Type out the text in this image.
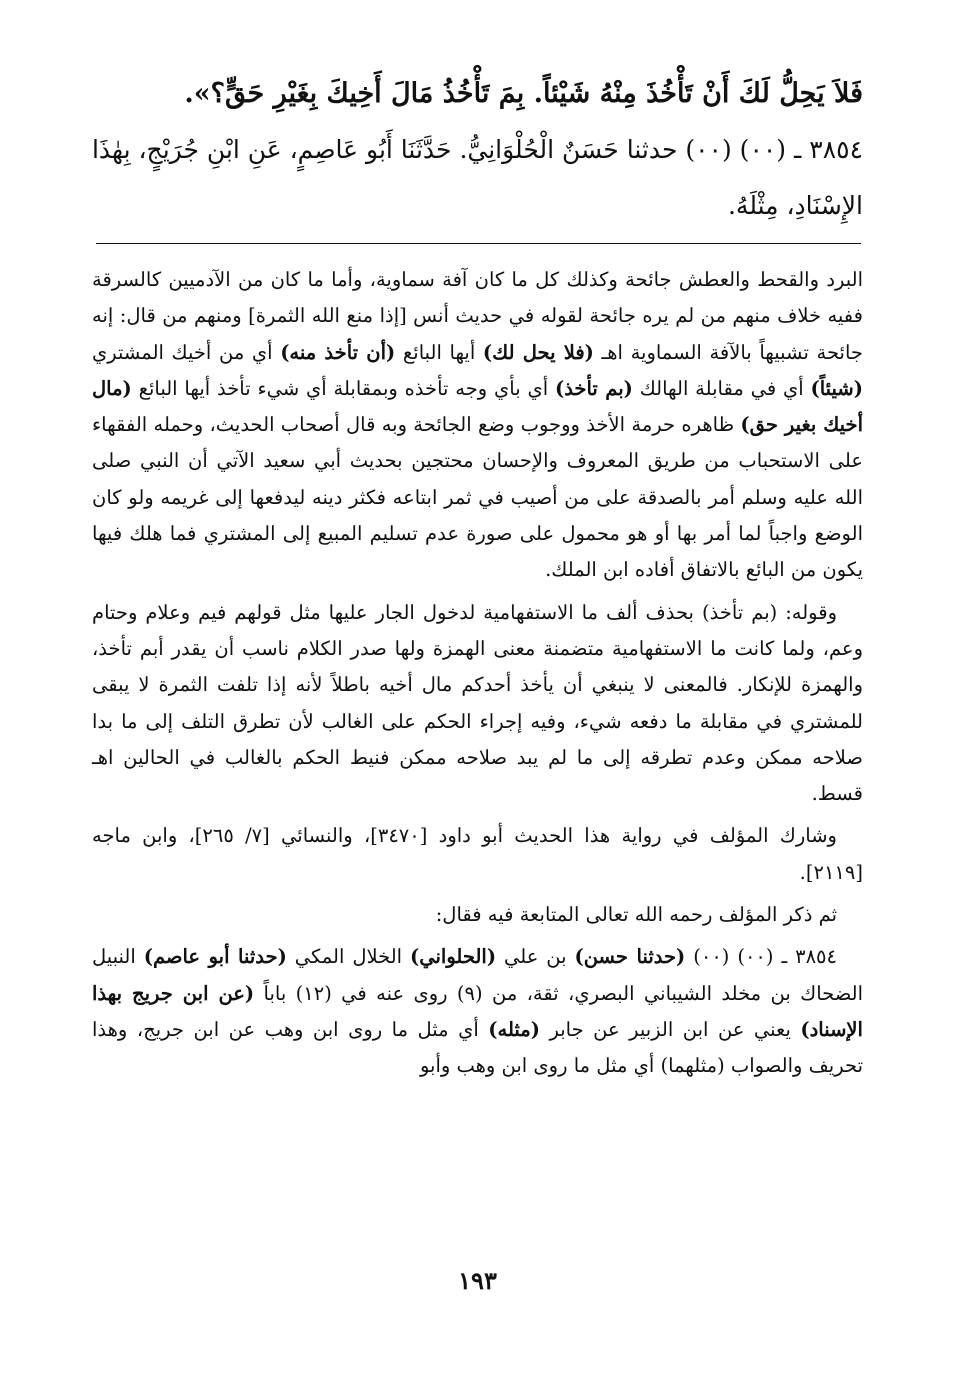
فَلاَ يَحِلُّ لَكَ أَنْ تَأْخُذَ مِنْهُ شَيْئاً. بِمَ تَأْخُذُ مَالَ أَخِيكَ بِغَيْرِ حَقٍّ؟».

٣٨٥٤ ـ (٠٠) (٠٠) حدثنا حَسَنٌ الْحُلْوَانِيُّ. حَدَّثَنَا أَبُو عَاصِمٍ، عَنِ ابْنِ جُرَيْجٍ، بِهٰذَا الإِسْنَادِ، مِثْلَهُ.

البرد والقحط والعطش جائحة وكذلك كل ما كان آفة سماوية، وأما ما كان من الآدميين كالسرقة ففيه خلاف منهم من لم يره جائحة لقوله في حديث أنس [إذا منع الله الثمرة] ومنهم من قال: إنه جائحة تشبيهاً بالآفة السماوية اهـ (فلا يحل لك) أيها البائع (أن تأخذ منه) أي من أخيك المشتري (شيئاً) أي في مقابلة الهالك (بم تأخذ) أي بأي وجه تأخذه وبمقابلة أي شيء تأخذ أيها البائع (مال أخيك بغير حق) ظاهره حرمة الأخذ ووجوب وضع الجائحة وبه قال أصحاب الحديث، وحمله الفقهاء على الاستحباب من طريق المعروف والإحسان محتجين بحديث أبي سعيد الآتي أن النبي صلى الله عليه وسلم أمر بالصدقة على من أصيب في ثمر ابتاعه فكثر دينه ليدفعها إلى غريمه ولو كان الوضع واجباً لما أمر بها أو هو محمول على صورة عدم تسليم المبيع إلى المشتري فما هلك فيها يكون من البائع بالاتفاق أفاده ابن الملك.

وقوله: (بم تأخذ) بحذف ألف ما الاستفهامية لدخول الجار عليها مثل قولهم فيم وعلام وحتام وعم، ولما كانت ما الاستفهامية متضمنة معنى الهمزة ولها صدر الكلام ناسب أن يقدر أبم تأخذ، والهمزة للإنكار. فالمعنى لا ينبغي أن يأخذ أحدكم مال أخيه باطلاً لأنه إذا تلفت الثمرة لا يبقى للمشتري في مقابلة ما دفعه شيء، وفيه إجراء الحكم على الغالب لأن تطرق التلف إلى ما بدا صلاحه ممكن وعدم تطرقه إلى ما لم يبد صلاحه ممكن فنيط الحكم بالغالب في الحالين اهـ قسط.

وشارك المؤلف في رواية هذا الحديث أبو داود [٣٤٧٠]، والنسائي [٧/ ٢٦٥]، وابن ماجه [٢١١٩].

ثم ذكر المؤلف رحمه الله تعالى المتابعة فيه فقال:

٣٨٥٤ ـ (٠٠) (٠٠) (حدثنا حسن) بن علي (الحلواني) الخلال المكي (حدثنا أبو عاصم) النبيل الضحاك بن مخلد الشيباني البصري، ثقة، من (٩) روى عنه في (١٢) باباً (عن ابن جريج بهذا الإسناد) يعني عن ابن الزبير عن جابر (مثله) أي مثل ما روى ابن وهب عن ابن جريج، وهذا تحريف والصواب (مثلهما) أي مثل ما روى ابن وهب وأبو

١٩٣
